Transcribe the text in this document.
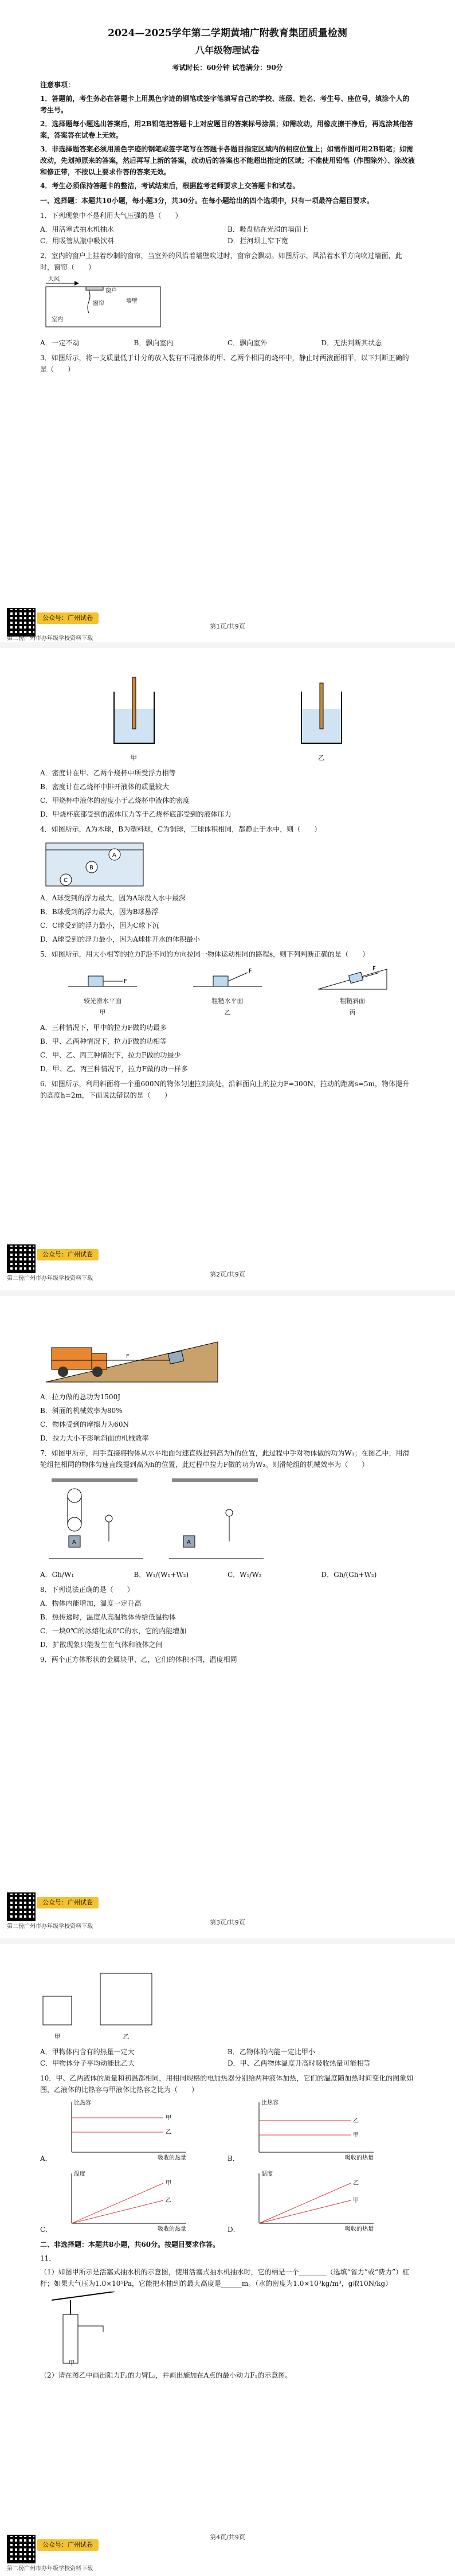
2024—2025学年第二学期黄埔广附教育集团质量检测
八年级物理试卷
考试时长：60分钟 试卷满分：90分

注意事项：

1．答题前，考生务必在答题卡上用黑色字迹的钢笔或签字笔填写自己的学校、班级、姓名、考生号、座位号，填涂个人的考生号。

2．选择题每小题选出答案后，用2B铅笔把答题卡上对应题目的答案标号涂黑；如需改动，用橡皮擦干净后，再选涂其他答案，答案答在试卷上无效。

3．非选择题答案必须用黑色字迹的钢笔或签字笔写在答题卡各题目指定区域内的相应位置上；如需作图可用2B铅笔；如需改动，先划掉原来的答案，然后再写上新的答案，改动后的答案也不能超出指定的区域；不准使用铅笔（作图除外）、涂改液和修正带，不按以上要求作答的答案无效。

4．考生必须保持答题卡的整洁，考试结束后，根据监考老师要求上交答题卡和试卷。

一、选择题：本题共10小题，每小题3分，共30分。在每小题给出的四个选项中，只有一项最符合题目要求。

1．下列现象中不是利用大气压强的是（　　）

A．用活塞式抽水机抽水	B．吸盘贴在光滑的墙面上
C．用吸管从瓶中吸饮料	D．拦河坝上窄下宽

2．室内的窗户上挂着纱制的窗帘，当室外的风沿着墙壁吹过时，窗帘会飘动。如图所示，风沿着水平方向吹过墙面，此时，窗帘（　　）

大风
窗户
窗帘	墙壁
室内
A．一定不动	B．飘向室内	C．飘向室外	D．无法判断其状态

3．如图所示，将一支质量低于计分的放入装有不同液体的甲、乙两个相同的烧杯中，静止时两液面相平，以下判断正确的是（　　）

第1页/共9页
公众号：广州试卷
第二份广州市办年级学校资料下载
甲	乙

A．密度计在甲、乙两个烧杯中所受浮力相等

B．密度计在乙烧杯中排开液体的质量较大

C．甲烧杯中液体的密度小于乙烧杯中液体的密度

D．甲烧杯底部受到的液体压力等于乙烧杯底部受到的液体压力

4．如图所示，A为木球，B为塑料球，C为铜球，三球体积相同，都静止于水中，则（　　）

A
B
C

A．A球受到的浮力最大，因为A球没入水中最深

B．B球受到的浮力最大，因为B球悬浮

C．C球受到的浮力最小，因为C球下沉

D．A球受到的浮力最小，因为A球排开水的体积最小

5．如图所示，用大小相等的拉力F沿不同的方向拉同一物体运动相同的路程s，则下列判断正确的是（　　）

F
较光滑水平面
甲
F
粗糙水平面
乙
F
粗糙斜面
丙

A．三种情况下，甲中的拉力F做的功最多

B．甲、乙两种情况下，拉力F做的功相等

C．甲、乙、丙三种情况下，拉力F做的功最少

D．甲、乙、丙三种情况下，拉力F做的功一样多

6．如图所示，利用斜面将一个重600N的物体匀速拉到高处，沿斜面向上的拉力F=300N，拉动的距离s=5m，物体提升的高度h=2m，下面说法错误的是（　　）

第2页/共9页
公众号：广州试卷
第二份广州市办年级学校资料下载
F

A．拉力做的总功为1500J

B．斜面的机械效率为80%

C．物体受到的摩擦力为60N

D．拉力大小不影响斜面的机械效率

7．如图甲所示，用手直接将物体从水平地面匀速直线提到高为h的位置，此过程中手对物体做的功为W₁；在图乙中，用滑轮组把相同的物体匀速直线提到高为h的位置，此过程中拉力F做的功为W₂。则滑轮组的机械效率为（　　）

A	A
A．Gh/W₁	B．W₁/(W₁+W₂)	C．W₁/W₂	D．Gh/(Gh+W₂)

8．下列说法正确的是（　　）

A．物体内能增加，温度一定升高

B．热传递时，温度从高温物体传给低温物体

C．一块0℃的冰熔化成0℃的水，它的内能增加

D．扩散现象只能发生在气体和液体之间

9．两个正方体形状的金属块甲、乙，它们的体积不同，温度相同

第3页/共9页
公众号：广州试卷
第二份广州市办年级学校资料下载
甲	乙
A．甲物体内含有的热量一定大	B．乙物体的内能一定比甲小
C．甲物体分子平均动能比乙大	D．甲、乙两物体温度升高时吸收热量可能相等

10．甲、乙两液体的质量和初温都相同，用相同规格的电加热器分别给两种液体加热，它们的温度随加热时间变化的图象如图，乙液体的比热容与甲液体比热容之比为（　　）

A．
甲
乙
比热容
吸收的热量	B．
乙
甲
比热容
吸收的热量
C．
甲
乙
温度
吸收的热量	D．
乙
甲
温度
吸收的热量

二、非选择题：本题共8小题，共60分。按题目要求作答。

11．

（1）如图甲所示是活塞式抽水机的示意图，使用活塞式抽水机抽水时，它的柄是一个________（选填“省力”或“费力”）杠杆；如果大气压为1.0×10⁵Pa，它能把水抽到的最大高度是______m。（水的密度为1.0×10³kg/m³，g取10N/kg）

甲

（2）请在图乙中画出阻力F₂的力臂L₂，并画出施加在A点的最小动力F₁的示意图。

第4页/共9页
公众号：广州试卷
第二份广州市办年级学校资料下载
